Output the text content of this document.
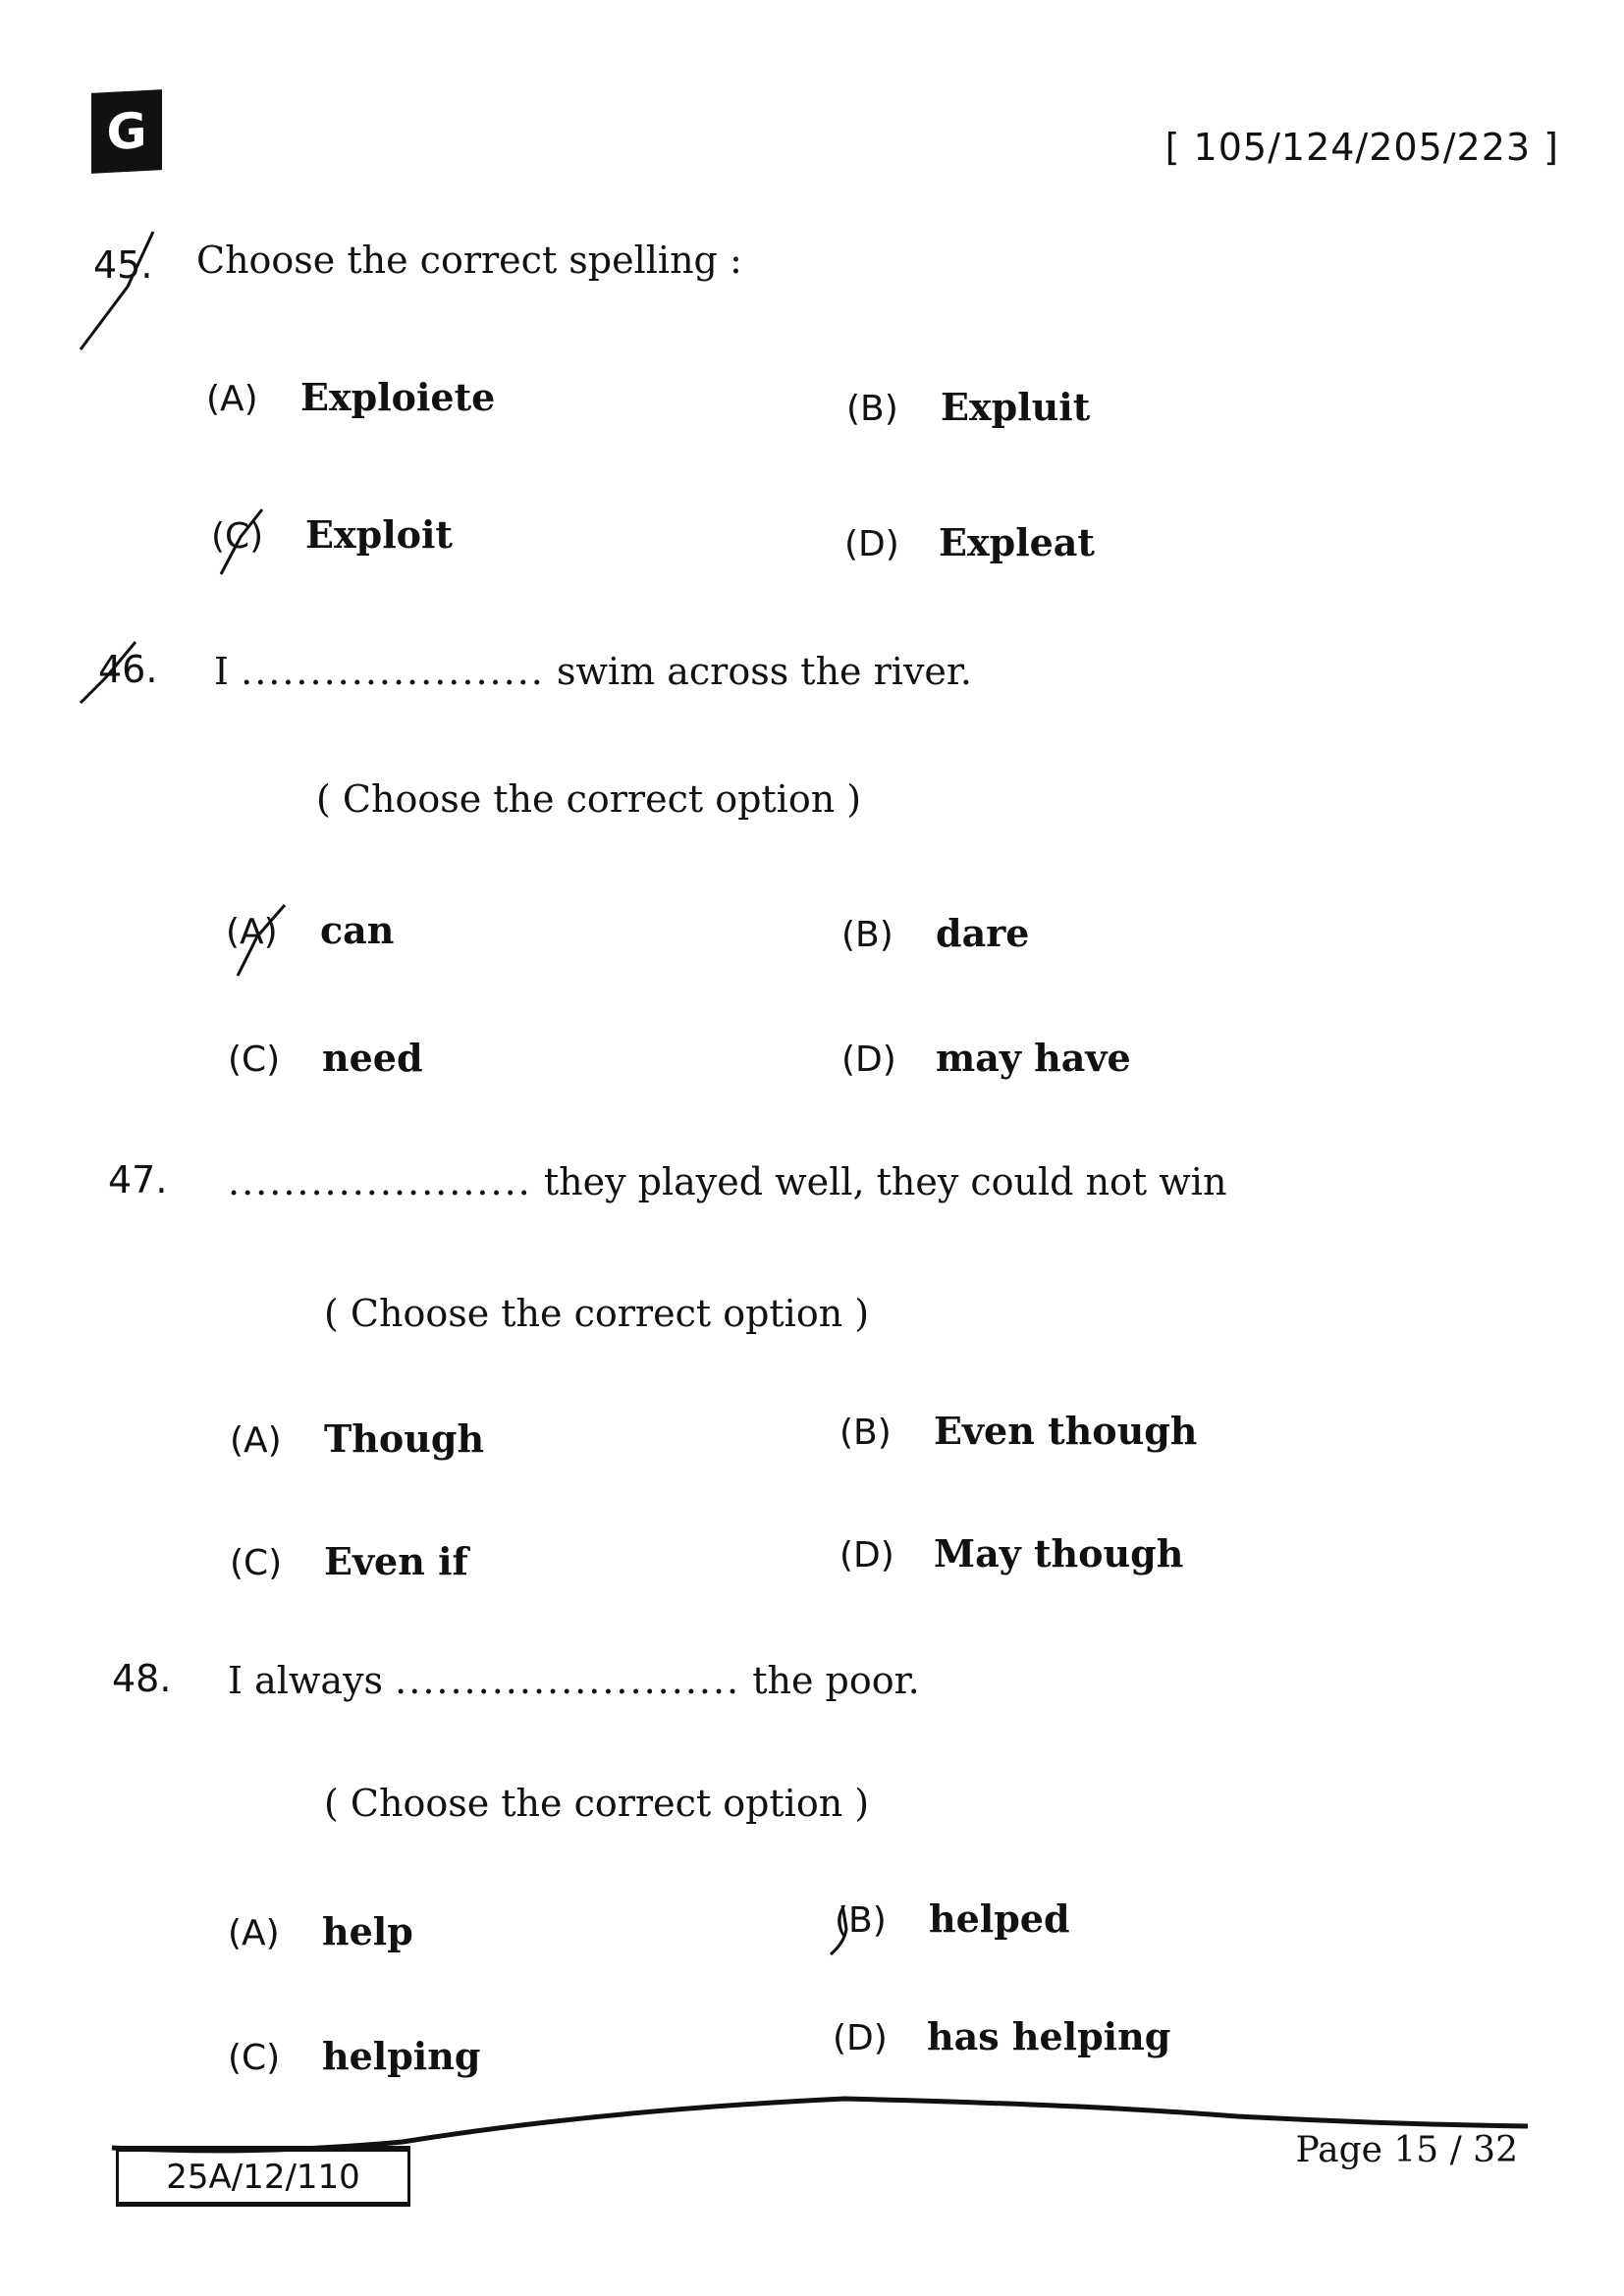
G	[ 105/124/205/223 ]
45. Choose the correct spelling :
(A)	Exploiete	(B)	Expluit
(C)	Exploit	(D)	Expleat
46. I ...................... swim across the river.
( Choose the correct option )
(A)	can	(B)	dare
(C)	need	(D)	may have
47. ...................... they played well, they could not win
( Choose the correct option )
(A)	Though	(B)	Even though
(C)	Even if	(D)	May though
48. I always ......................... the poor.
( Choose the correct option )
(A)	help	(B)	helped
(C)	helping	(D)	has helping
25A/12/110
Page 15 / 32
